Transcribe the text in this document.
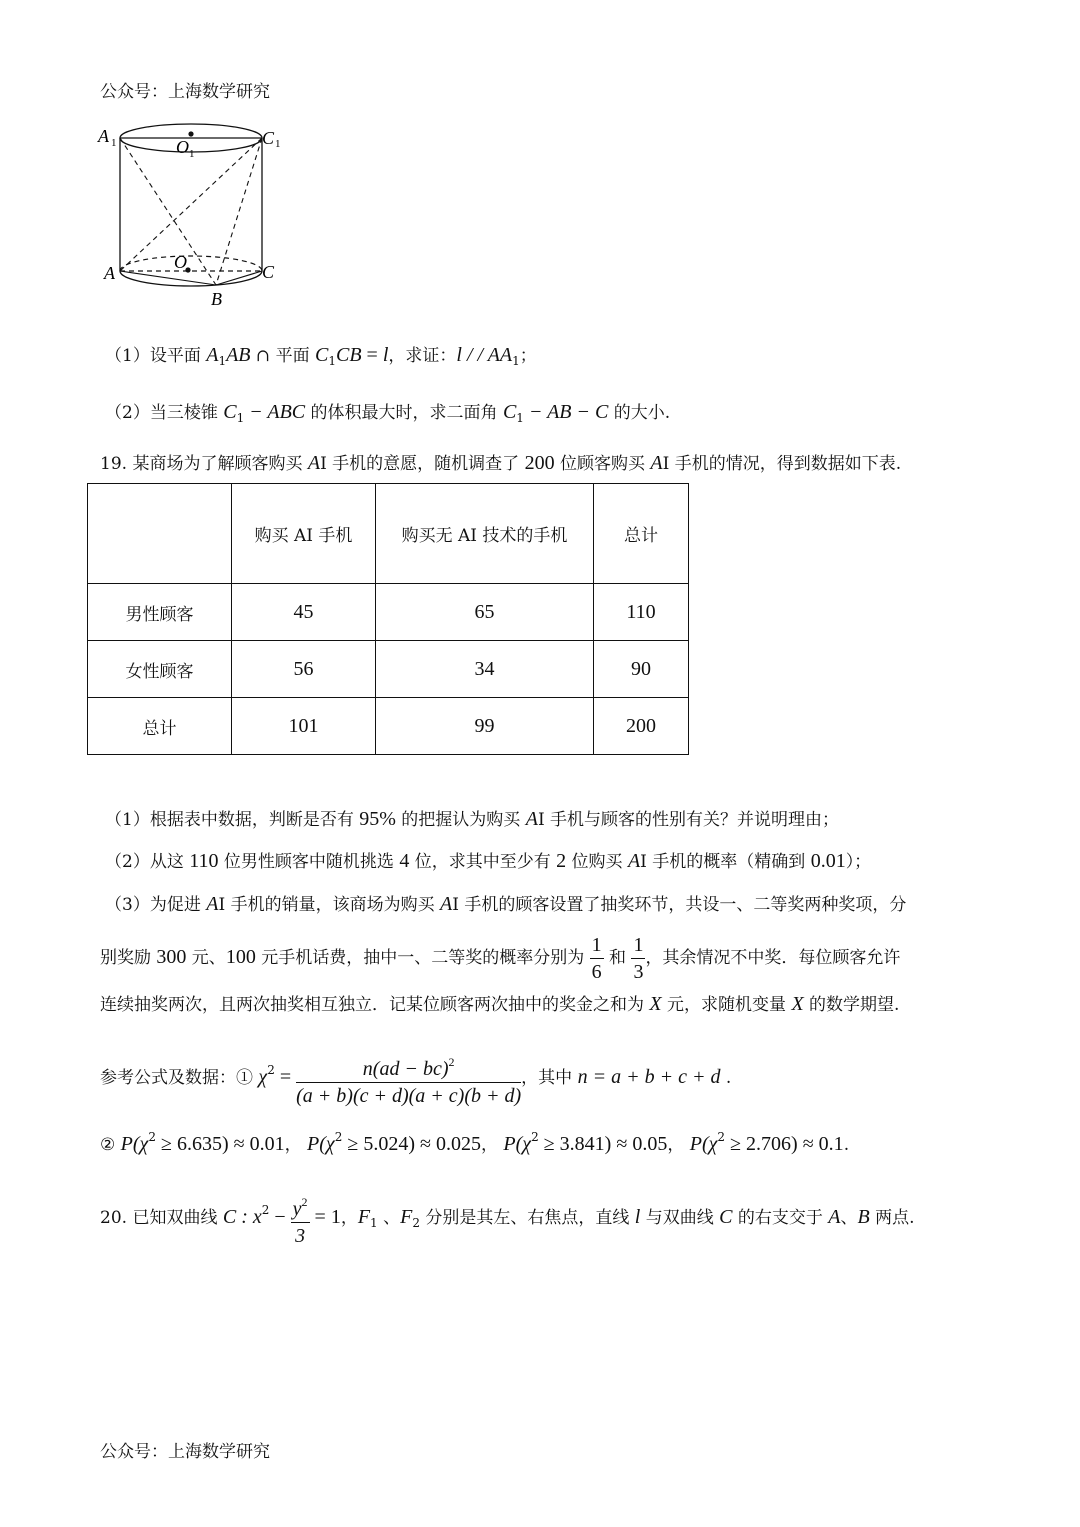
公众号：上海数学研究
A 1	O 1
C 1
A
O	C
B
（1）设平面 $A_1AB$ ∩ 平面 $C_1CB = l$，求证：l / / $AA_1$；
（2）当三棱锥 $C_1$ − ABC 的体积最大时，求二面角 $C_1$ − AB − C 的大小.
19. 某商场为了解顾客购买 AI 手机的意愿，随机调查了 200 位顾客购买 AI 手机的情况，得到数据如下表.
	购买 AI 手机	购买无 AI 技术的手机	总计
男性顾客	45	65	110
女性顾客	56	34	90
总计	101	99	200
（1）根据表中数据，判断是否有 95% 的把握认为购买 AI 手机与顾客的性别有关？并说明理由；
（2）从这 110 位男性顾客中随机挑选 4 位，求其中至少有 2 位购买 AI 手机的概率（精确到 0.01）；
（3）为促进 AI 手机的销量，该商场为购买 AI 手机的顾客设置了抽奖环节，共设一、二等奖两种奖项，分
别奖励 300 元、100 元手机话费，抽中一、二等奖的概率分别为 $\frac{1}{6}$ 和 $\frac{1}{3}$ ，其余情况不中奖．每位顾客允许
连续抽奖两次，且两次抽奖相互独立．记某位顾客两次抽中的奖金之和为 X 元，求随机变量 X 的数学期望.
参考公式及数据：① $\chi^2 = \frac{n(ad - bc)^2}{(a + b)(c + d)(a + c)(b + d)}$ ，其中 n = a + b + c + d .
② $P(\chi^2 \ge 6.635) \approx 0.01$， $P(\chi^2 \ge 5.024) \approx 0.025$， $P(\chi^2 \ge 3.841) \approx 0.05$， $P(\chi^2 \ge 2.706) \approx 0.1$.
20. 已知双曲线 C : $x^2 - \frac{y^2}{3} = 1$，$F_1$ 、$F_2$ 分别是其左、右焦点，直线 l 与双曲线 C 的右支交于 A、B 两点.
公众号：上海数学研究
